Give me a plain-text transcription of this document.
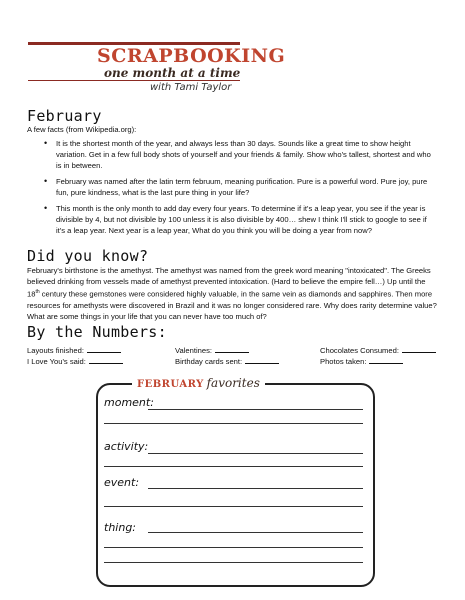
SCRAPBOOKING
one month at a time
with Tami Taylor
February
A few facts (from Wikipedia.org):
• It is the shortest month of the year, and always less than 30 days. Sounds like a great time to show height variation. Get in a few full body shots of yourself and your friends & family. Show who's tallest, shortest and who is in between.
• February was named after the latin term februum, meaning purification. Pure is a powerful word. Pure joy, pure fun, pure kindness, what is the last pure thing in your life?
• This month is the only month to add day every four years. To determine if it's a leap year, you see if the year is divisible by 4, but not divisible by 100 unless it is also divisible by 400… shew I think I'll stick to google to see if it's a leap year. Next year is a leap year, What do you think you will be doing a year from now?
Did you know?
February's birthstone is the amethyst. The amethyst was named from the greek word meaning "intoxicated". The Greeks believed drinking from vessels made of amethyst prevented intoxication. (Hard to believe the empire fell…) Up until the 18th century these gemstones were considered highly valuable, in the same vein as diamonds and sapphires. Then more resources for amethysts were discovered in Brazil and it was no longer considered rare. Why does rarity determine value? What are some things in your life that you can never have too much of?
By the Numbers:
Layouts finished:	Valentines:	Chocolates Consumed:
I Love You's said:	Birthday cards sent:	Photos taken:
FEBRUARY favorites
moment:
activity:
event:
thing:
